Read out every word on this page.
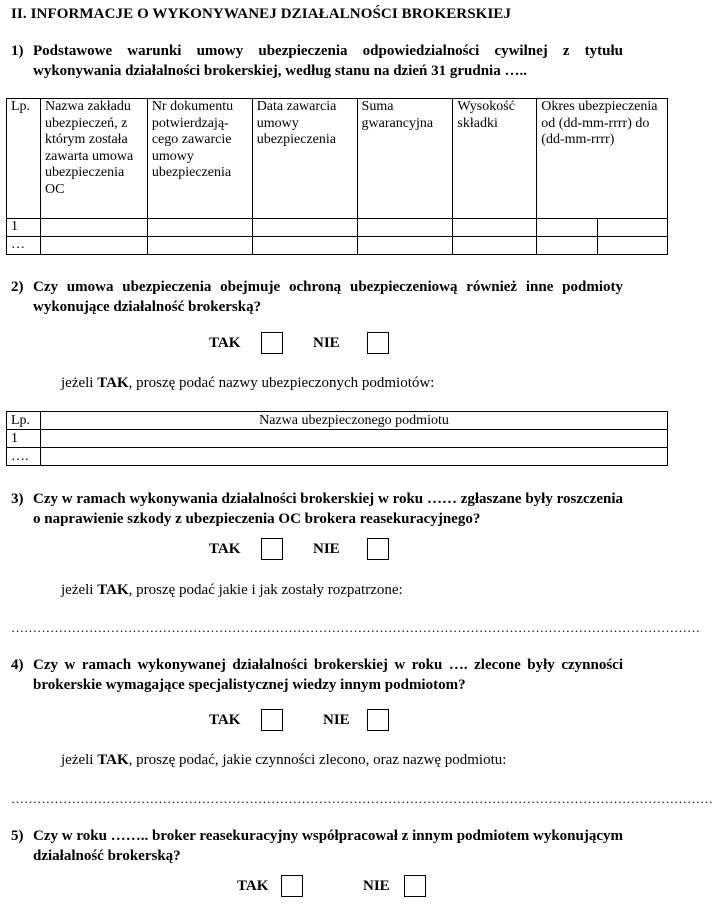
II. INFORMACJE O WYKONYWANEJ DZIAŁALNOŚCI BROKERSKIEJ
1) Podstawowe warunki umowy ubezpieczenia odpowiedzialności cywilnej z tytułu wykonywania działalności brokerskiej, według stanu na dzień 31 grudnia …..
Lp.	Nazwa zakładu ubezpieczeń, z którym została zawarta umowa ubezpieczenia OC	Nr dokumentu potwierdzają-cego zawarcie umowy ubezpieczenia	Data zawarcia umowy ubezpieczenia	Suma gwarancyjna	Wysokość składki	Okres ubezpieczenia od (dd-mm-rrrr) do (dd-mm-rrrr)	
1							
…							
2) Czy umowa ubezpieczenia obejmuje ochroną ubezpieczeniową również inne podmioty wykonujące działalność brokerską?
TAK	NIE
jeżeli TAK, proszę podać nazwy ubezpieczonych podmiotów:
Lp.	Nazwa ubezpieczonego podmiotu
1	
….	
3) Czy w ramach wykonywania działalności brokerskiej w roku …… zgłaszane były roszczenia o naprawienie szkody z ubezpieczenia OC brokera reasekuracyjnego?
TAK	NIE
jeżeli TAK, proszę podać jakie i jak zostały rozpatrzone:
……………………………………………………………………………………………………………………………………………
4) Czy w ramach wykonywanej działalności brokerskiej w roku …. zlecone były czynności brokerskie wymagające specjalistycznej wiedzy innym podmiotom?
TAK	NIE
jeżeli TAK, proszę podać, jakie czynności zlecono, oraz nazwę podmiotu:
………………………………………………………………………………………………………………………………………………
5) Czy w roku …….. broker reasekuracyjny współpracował z innym podmiotem wykonującym działalność brokerską?
TAK	NIE
